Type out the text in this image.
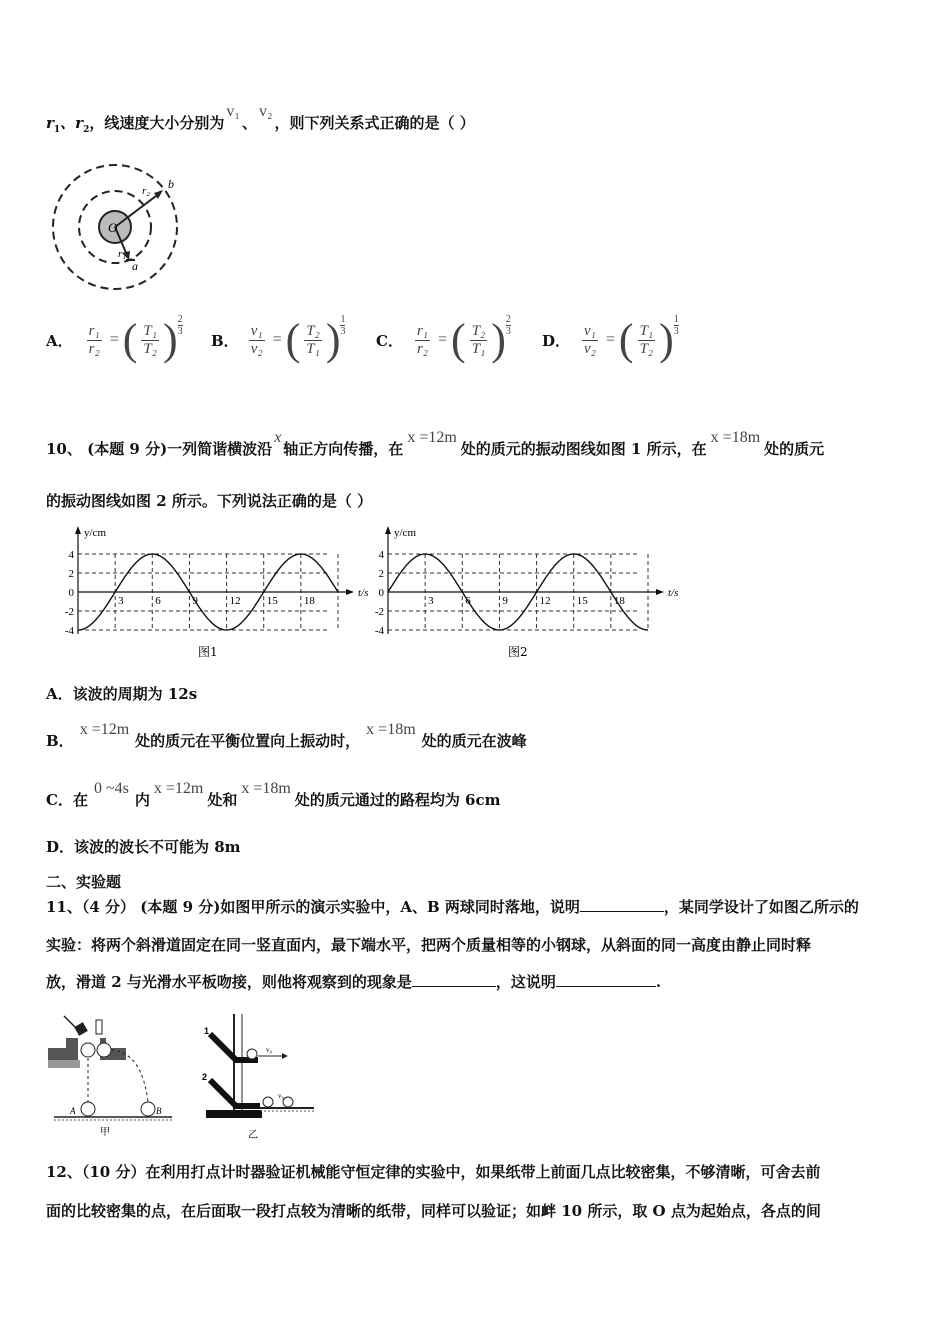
$r_1$、$r_2$，线速度大小分别为v₁、v₂，则下列关系式正确的是（ ）
O
r₂ b
r₁
a
A． $\frac{\text{r₁}}{\text{r₂}}$ = ( $\frac{\text{T₁}}{\text{T₂}}$ ) 2
3 B． $\frac{\text{v₁}}{\text{v₂}}$ = ( $\frac{\text{T₂}}{\text{T₁}}$ ) 1
3 C． $\frac{\text{r₁}}{\text{r₂}}$ = ( $\frac{\text{T₂}}{\text{T₁}}$ ) 2
3 D． $\frac{\text{v₁}}{\text{v₂}}$ = ( $\frac{\text{T₁}}{\text{T₂}}$ ) 1
3
10、 (本题 9 分)一列简谐横波沿x轴正方向传播，在x =12m处的质元的振动图线如图 1 所示，在x =18m处的质元
的振动图线如图 2 所示。下列说法正确的是（ ）
y/cm
t/s
4
2
0
-2
-4
3	6	9	12 15 18
图1
y/cm
t/s
4
2
0
-2
-4
3	6	9	12 15 18
图2
A．该波的周期为 12s
B．x =12m处的质元在平衡位置向上振动时，x =18m处的质元在波峰
C．在0 ~4s内x =12m处和x =18m处的质元通过的路程均为 6cm
D．该波的波长不可能为 8m
二、实验题
11、（4 分） (本题 9 分)如图甲所示的演示实验中，A、B 两球同时落地，说明	，某同学设计了如图乙所示的
实验：将两个斜滑道固定在同一竖直面内，最下端水平，把两个质量相等的小钢球，从斜面的同一高度由静止同时释
放，滑道 2 与光滑水平板吻接，则他将观察到的现象是	，这说明	.
A	B
甲
v₀
v₀
1
2
乙
12、（10 分）在利用打点计时器验证机械能守恒定律的实验中，如果纸带上前面几点比较密集，不够清晰，可舍去前
面的比较密集的点，在后面取一段打点较为清晰的纸带，同样可以验证；如衅 10 所示，取 O 点为起始点，各点的间
